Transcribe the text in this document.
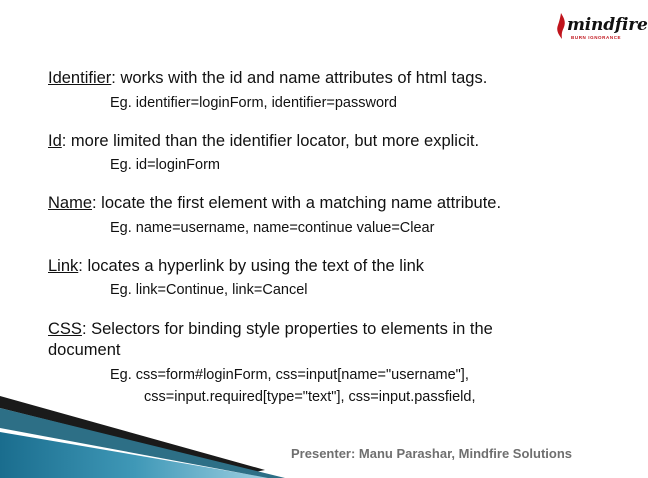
mindfire
BURN IGNORANCE
Identifier: works with the id and name attributes of html tags.
Eg. identifier=loginForm, identifier=password
Id: more limited than the identifier locator, but more explicit.
Eg. id=loginForm
Name: locate the first element with a matching name attribute.
Eg. name=username, name=continue value=Clear
Link: locates a hyperlink by using the text of the link
Eg. link=Continue, link=Cancel
CSS: Selectors for binding style properties to elements in the
document
Eg. css=form#loginForm, css=input[name="username"],
css=input.required[type="text"], css=input.passfield,
Presenter: Manu Parashar, Mindfire Solutions
